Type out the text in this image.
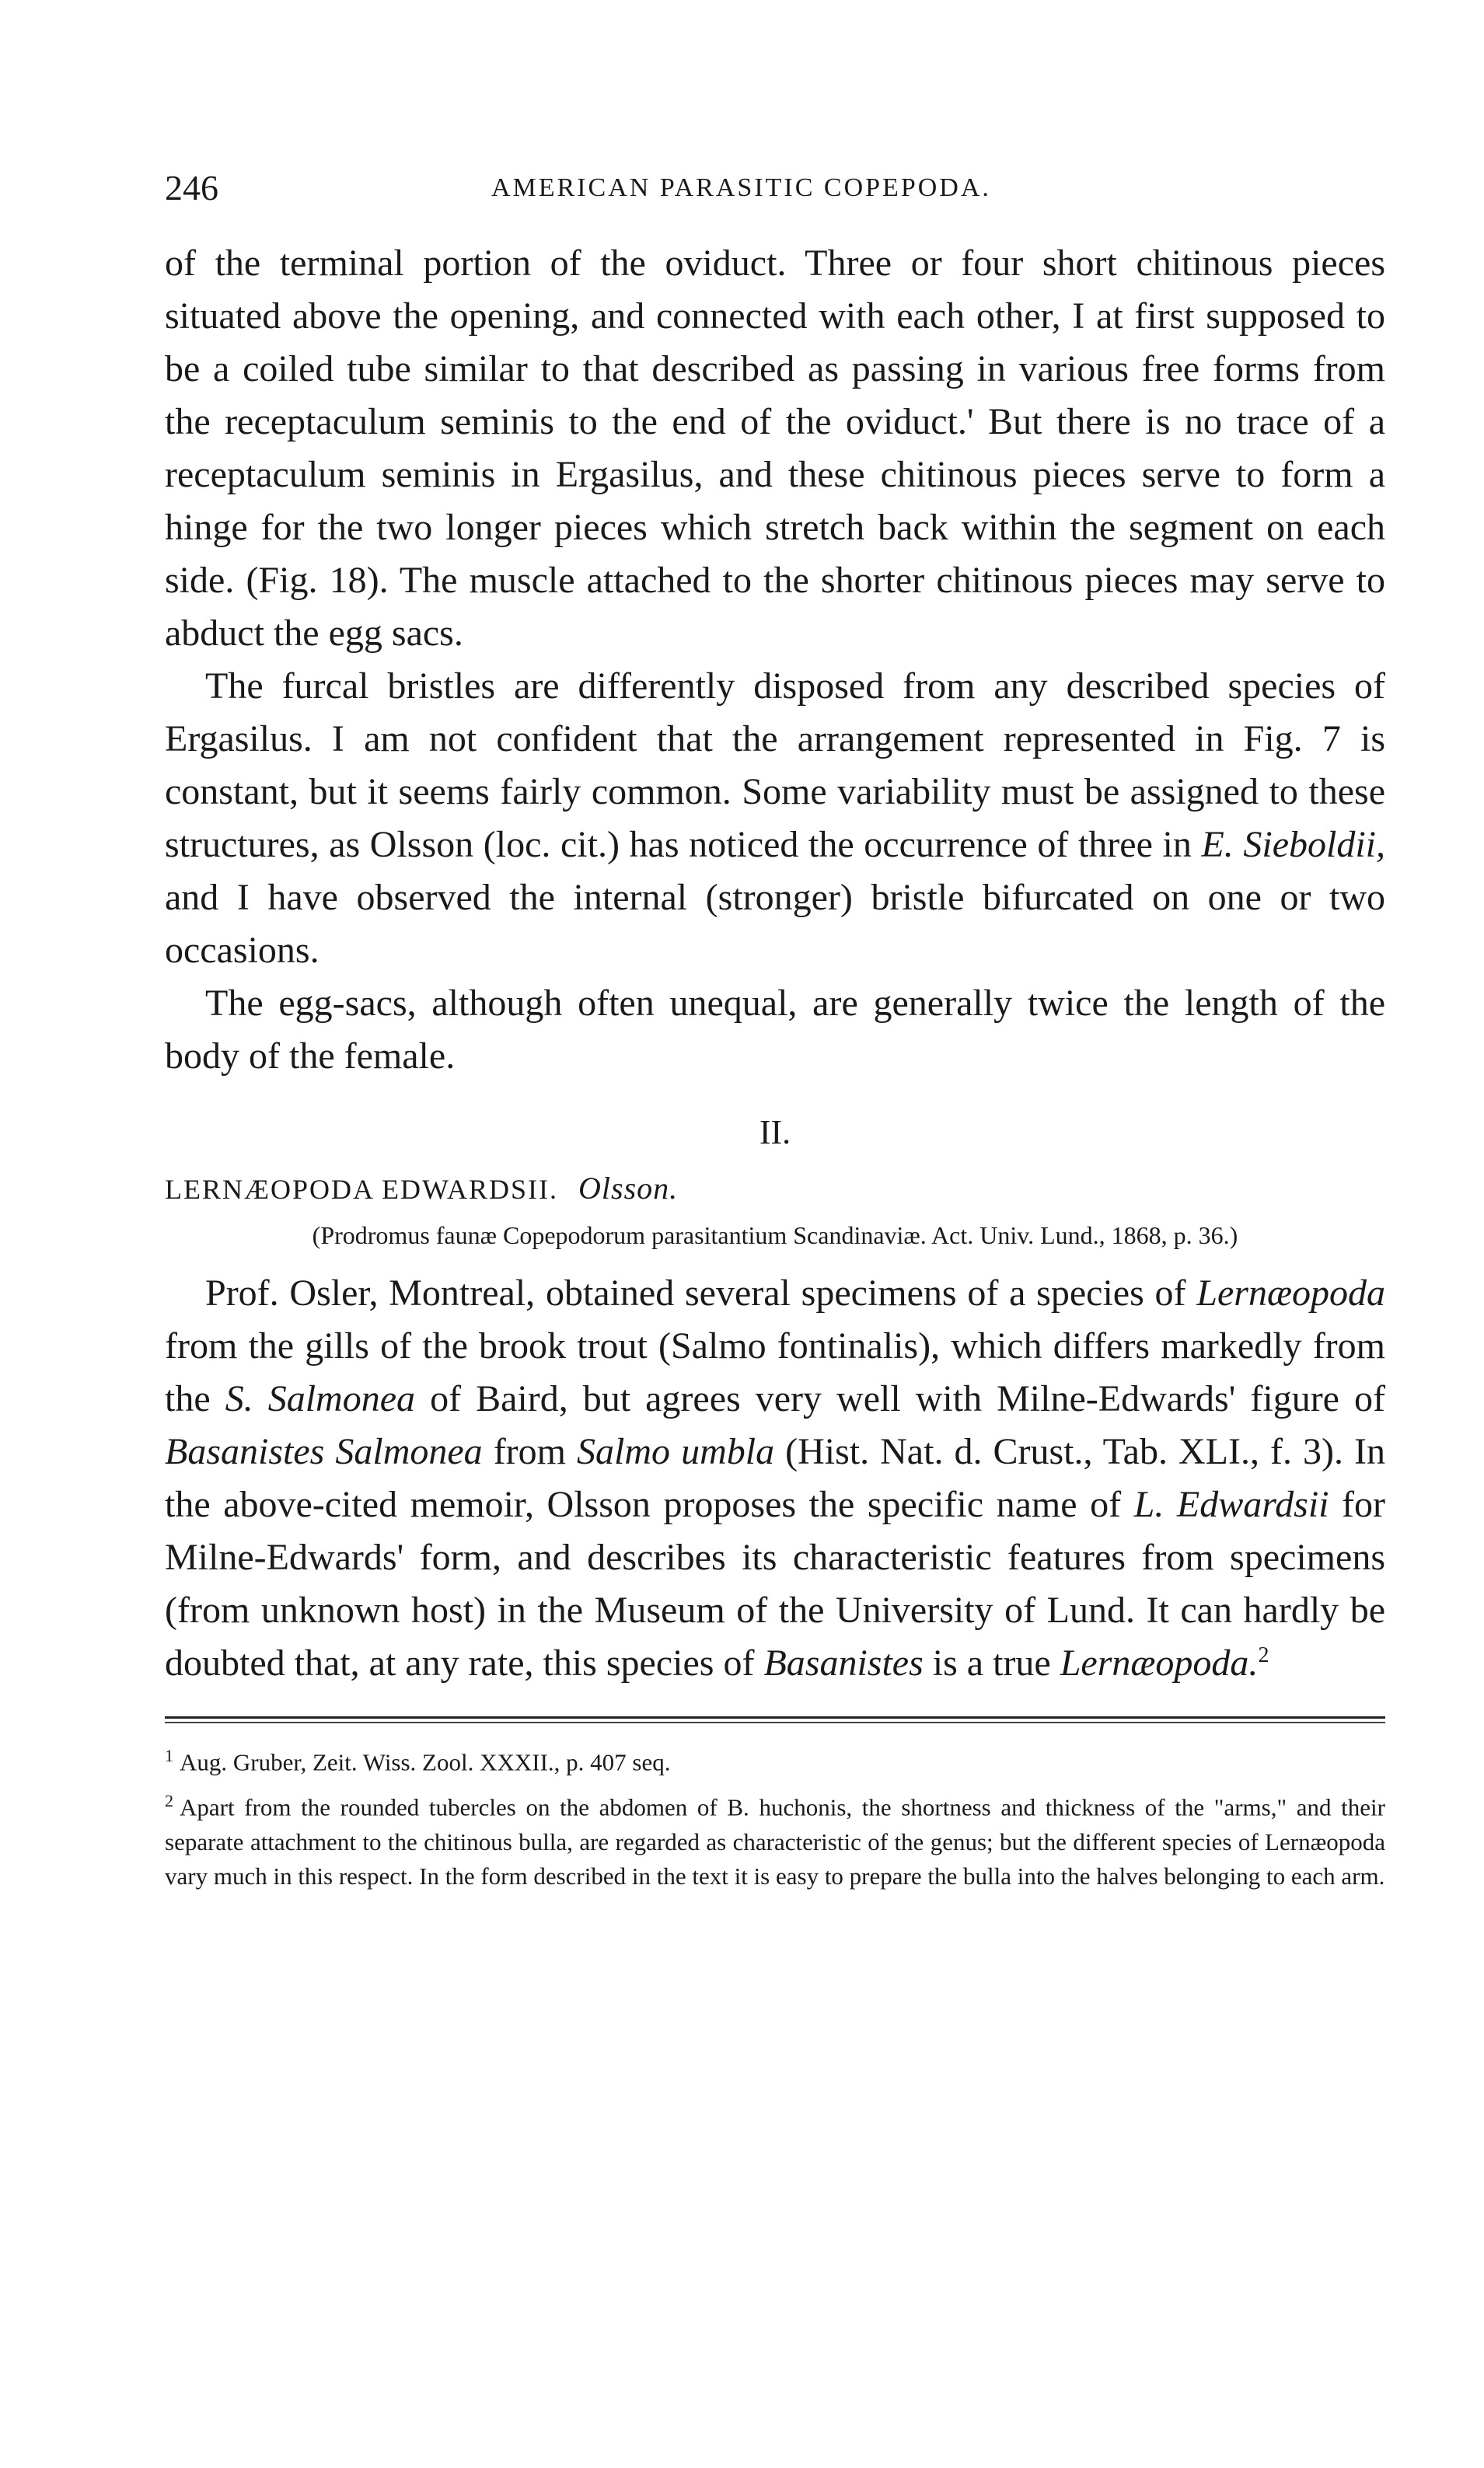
246	AMERICAN PARASITIC COPEPODA.

of the terminal portion of the oviduct. Three or four short chitinous pieces situated above the opening, and connected with each other, I at first supposed to be a coiled tube similar to that described as passing in various free forms from the receptaculum seminis to the end of the oviduct.' But there is no trace of a receptaculum seminis in Ergasilus, and these chitinous pieces serve to form a hinge for the two longer pieces which stretch back within the segment on each side. (Fig. 18). The muscle attached to the shorter chitinous pieces may serve to abduct the egg sacs.

The furcal bristles are differently disposed from any described species of Ergasilus. I am not confident that the arrangement represented in Fig. 7 is constant, but it seems fairly common. Some variability must be assigned to these structures, as Olsson (loc. cit.) has noticed the occurrence of three in E. Sieboldii, and I have observed the internal (stronger) bristle bifurcated on one or two occasions.

The egg-sacs, although often unequal, are generally twice the length of the body of the female.

II.

LERNÆOPODA EDWARDSII. Olsson.

(Prodromus faunæ Copepodorum parasitantium Scandinaviæ. Act. Univ. Lund., 1868, p. 36.)

Prof. Osler, Montreal, obtained several specimens of a species of Lernæopoda from the gills of the brook trout (Salmo fontinalis), which differs markedly from the S. Salmonea of Baird, but agrees very well with Milne-Edwards' figure of Basanistes Salmonea from Salmo umbla (Hist. Nat. d. Crust., Tab. XLI., f. 3). In the above-cited memoir, Olsson proposes the specific name of L. Edwardsii for Milne-Edwards' form, and describes its characteristic features from specimens (from unknown host) in the Museum of the University of Lund. It can hardly be doubted that, at any rate, this species of Basanistes is a true Lernæopoda.$^2$

$^1$ Aug. Gruber, Zeit. Wiss. Zool. XXXII., p. 407 seq.

$^2$ Apart from the rounded tubercles on the abdomen of B. huchonis, the shortness and thickness of the "arms," and their separate attachment to the chitinous bulla, are regarded as characteristic of the genus; but the different species of Lernæopoda vary much in this respect. In the form described in the text it is easy to prepare the bulla into the halves belonging to each arm.
